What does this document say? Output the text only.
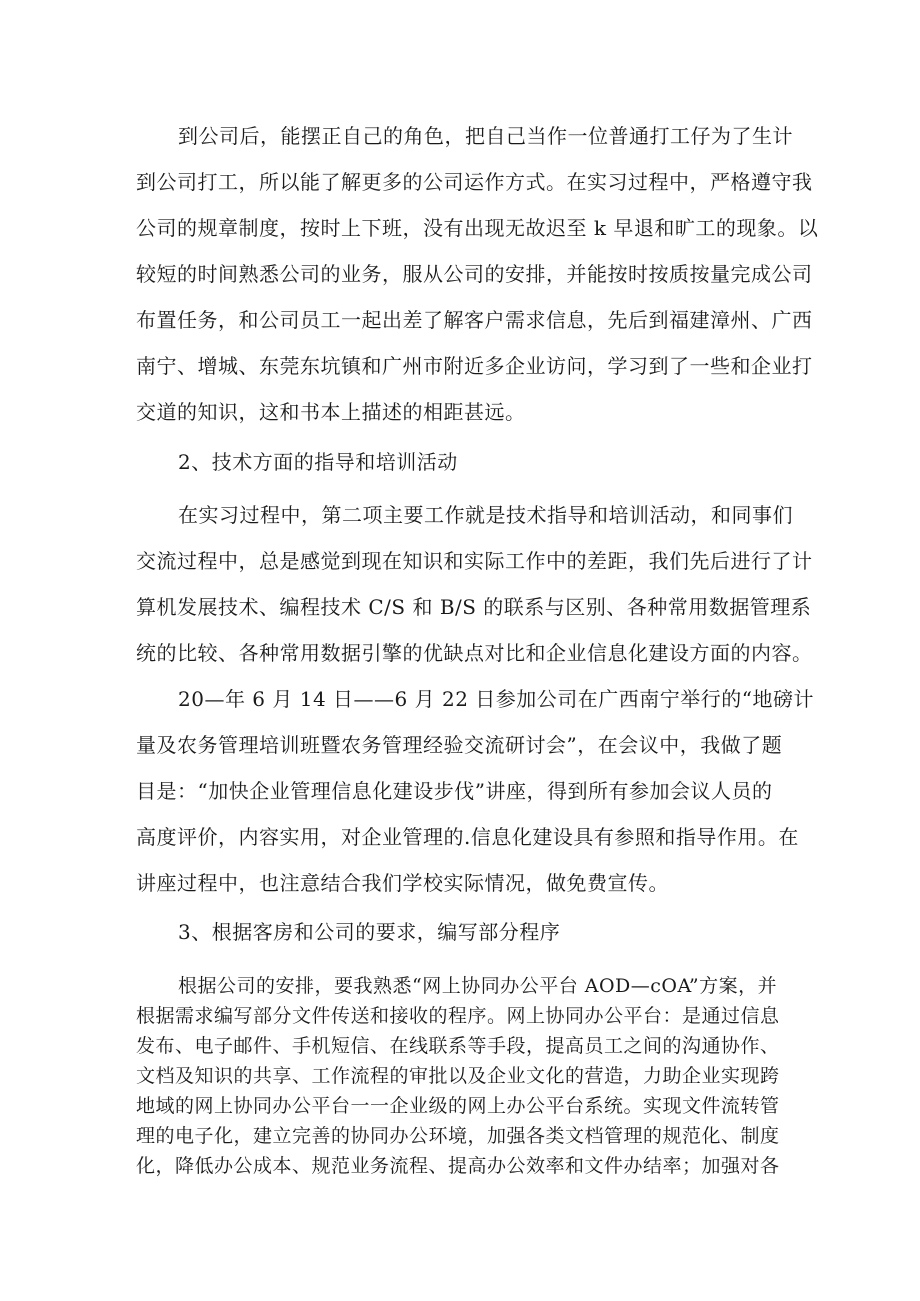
到公司后，能摆正自己的角色，把自己当作一位普通打工仔为了生计
到公司打工，所以能了解更多的公司运作方式。在实习过程中，严格遵守我
公司的规章制度，按时上下班，没有出现无故迟至 k 早退和旷工的现象。以
较短的时间熟悉公司的业务，服从公司的安排，并能按时按质按量完成公司
布置任务，和公司员工一起出差了解客户需求信息，先后到福建漳州、广西
南宁、增城、东莞东坑镇和广州市附近多企业访问，学习到了一些和企业打
交道的知识，这和书本上描述的相距甚远。
2、技术方面的指导和培训活动
在实习过程中，第二项主要工作就是技术指导和培训活动，和同事们
交流过程中，总是感觉到现在知识和实际工作中的差距，我们先后进行了计
算机发展技术、编程技术 C/S 和 B/S 的联系与区别、各种常用数据管理系
统的比较、各种常用数据引擎的优缺点对比和企业信息化建设方面的内容。
20—年 6 月 14 日——6 月 22 日参加公司在广西南宁举行的“地磅计
量及农务管理培训班暨农务管理经验交流研讨会”，在会议中，我做了题
目是：“加快企业管理信息化建设步伐”讲座，得到所有参加会议人员的
高度评价，内容实用，对企业管理的.信息化建设具有参照和指导作用。在
讲座过程中，也注意结合我们学校实际情况，做免费宣传。
3、根据客房和公司的要求，编写部分程序
根据公司的安排，要我熟悉“网上协同办公平台 AOD—cOA”方案，并
根据需求编写部分文件传送和接收的程序。网上协同办公平台：是通过信息
发布、电子邮件、手机短信、在线联系等手段，提高员工之间的沟通协作、
文档及知识的共享、工作流程的审批以及企业文化的营造，力助企业实现跨
地域的网上协同办公平台一一企业级的网上办公平台系统。实现文件流转管
理的电子化，建立完善的协同办公环境，加强各类文档管理的规范化、制度
化，降低办公成本、规范业务流程、提高办公效率和文件办结率；加强对各
